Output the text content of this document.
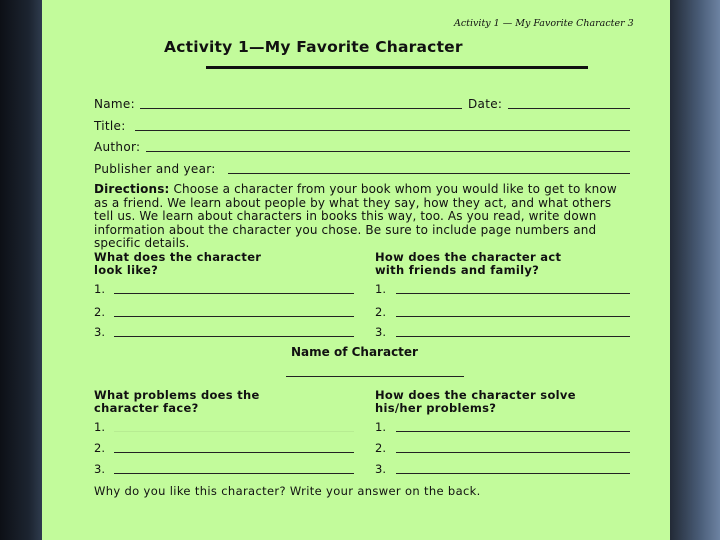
Activity 1 — My Favorite Character 3
Activity 1—My Favorite Character
Name:	Date:
Title:
Author:
Publisher and year:
Directions: Choose a character from your book whom you would like to get to know as a friend. We learn about people by what they say, how they act, and what others tell us. We learn about characters in books this way, too. As you read, write down information about the character you chose. Be sure to include page numbers and specific details.
What does the character
look like?
How does the character act
with friends and family?
1.
2.
3.
1.
2.
3.
Name of Character
What problems does the
character face?
How does the character solve
his/her problems?
1.
2.
3.
1.
2.
3.
Why do you like this character? Write your answer on the back.
